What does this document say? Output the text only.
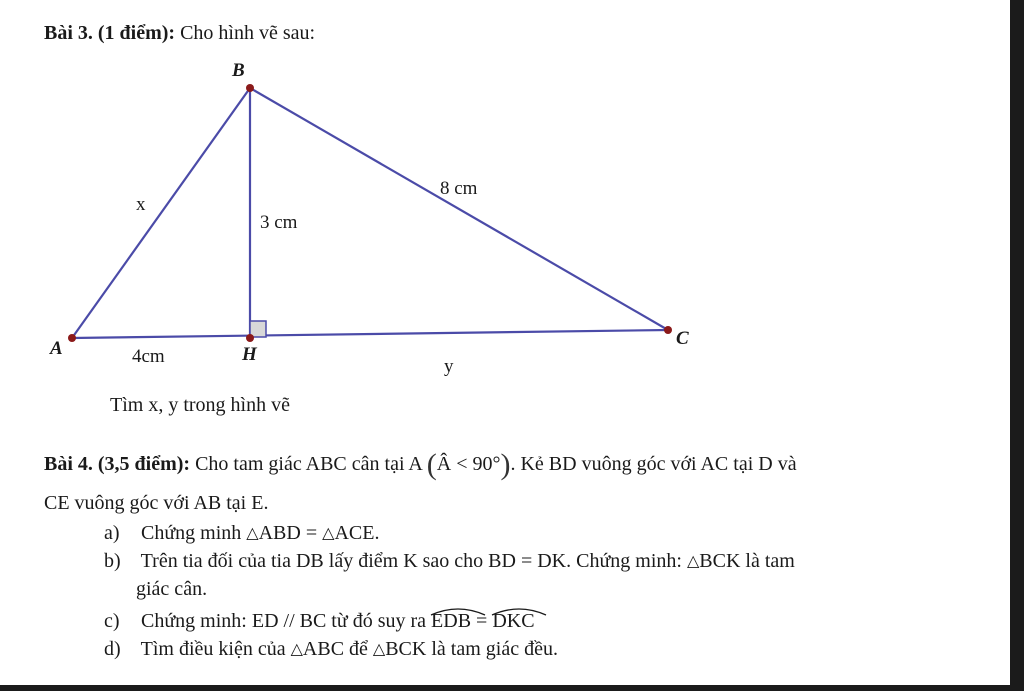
Bài 3. (1 điểm): Cho hình vẽ sau:
B
A	H
C
x
3 cm
8 cm
4cm	y
Tìm x, y trong hình vẽ
Bài 4. (3,5 điểm): Cho tam giác ABC cân tại A (Â < 90°). Kẻ BD vuông góc với AC tại D và
CE vuông góc với AB tại E.
a) Chứng minh △ABD = △ACE.
b) Trên tia đối của tia DB lấy điểm K sao cho BD = DK. Chứng minh: △BCK là tam
giác cân.
c) Chứng minh: ED // BC từ đó suy ra EDB = DKC
d) Tìm điều kiện của △ABC để △BCK là tam giác đều.
